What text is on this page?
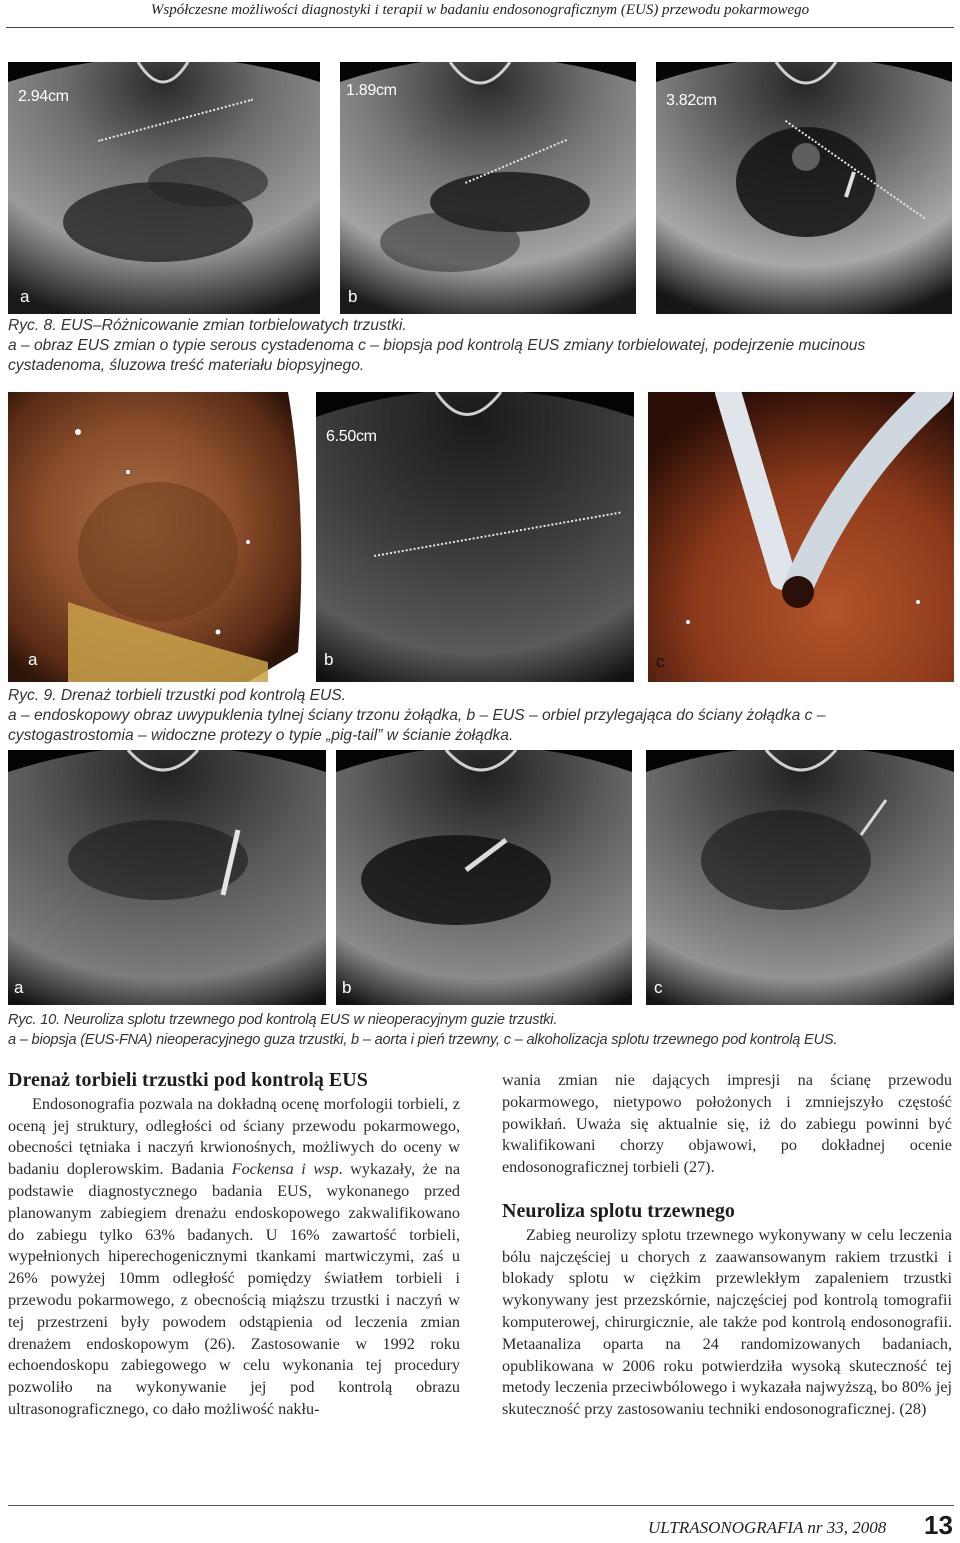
Współczesne możliwości diagnostyki i terapii w badaniu endosonograficznym (EUS) przewodu pokarmowego
2.94cm
a
1.89cm
b
3.82cm
c
Ryc. 8. EUS–Różnicowanie zmian torbielowatych trzustki.
a – obraz EUS zmian o typie serous cystadenoma c – biopsja pod kontrolą EUS zmiany torbielowatej, podejrzenie mucinous cystadenoma, śluzowa treść materiału biopsyjnego.
a
6.50cm
b	c
Ryc. 9. Drenaż torbieli trzustki pod kontrolą EUS.
a – endoskopowy obraz uwypuklenia tylnej ściany trzonu żołądka, b – EUS – orbiel przylegająca do ściany żołądka c – cystogastrostomia – widoczne protezy o typie „pig-tail” w ścianie żołądka.
a	b	c
Ryc. 10. Neuroliza splotu trzewnego pod kontrolą EUS w nieoperacyjnym guzie trzustki.
a – biopsja (EUS-FNA) nieoperacyjnego guza trzustki, b – aorta i pień trzewny, c – alkoholizacja splotu trzewnego pod kontrolą EUS.
Drenaż torbieli trzustki pod kontrolą EUS

Endosonografia pozwala na dokładną ocenę morfologii torbieli, z oceną jej struktury, odległości od ściany przewodu pokarmowego, obecności tętniaka i naczyń krwionośnych, możliwych do oceny w badaniu doplerowskim. Badania Fockensa i wsp. wykazały, że na podstawie diagnostycznego badania EUS, wykonanego przed planowanym zabiegiem drenażu endoskopowego zakwalifikowano do zabiegu tylko 63% badanych. U 16% zawartość torbieli, wypełnionych hiperechogenicznymi tkankami martwiczymi, zaś u 26% powyżej 10mm odległość pomiędzy światłem torbieli i przewodu pokarmowego, z obecnością miąższu trzustki i naczyń w tej przestrzeni były powodem odstąpienia od leczenia zmian drenażem endoskopowym (26). Zastosowanie w 1992 roku echoendoskopu zabiegowego w celu wykonania tej procedury pozwoliło na wykonywanie jej pod kontrolą obrazu ultrasonograficznego, co dało możliwość nakłu-

wania zmian nie dających impresji na ścianę przewodu pokarmowego, nietypowo położonych i zmniejszyło częstość powikłań. Uważa się aktualnie się, iż do zabiegu powinni być kwalifikowani chorzy objawowi, po dokładnej ocenie endosonograficznej torbieli (27).

Neuroliza splotu trzewnego

Zabieg neurolizy splotu trzewnego wykonywany w celu leczenia bólu najczęściej u chorych z zaawansowanym rakiem trzustki i blokady splotu w ciężkim przewlekłym zapaleniem trzustki wykonywany jest przezskórnie, najczęściej pod kontrolą tomografii komputerowej, chirurgicznie, ale także pod kontrolą endosonografii. Metaanaliza oparta na 24 randomizowanych badaniach, opublikowana w 2006 roku potwierdziła wysoką skuteczność tej metody leczenia przeciwbólowego i wykazała najwyższą, bo 80% jej skuteczność przy zastosowaniu techniki endosonograficznej. (28)

ULTRASONOGRAFIA nr 33, 2008 13
